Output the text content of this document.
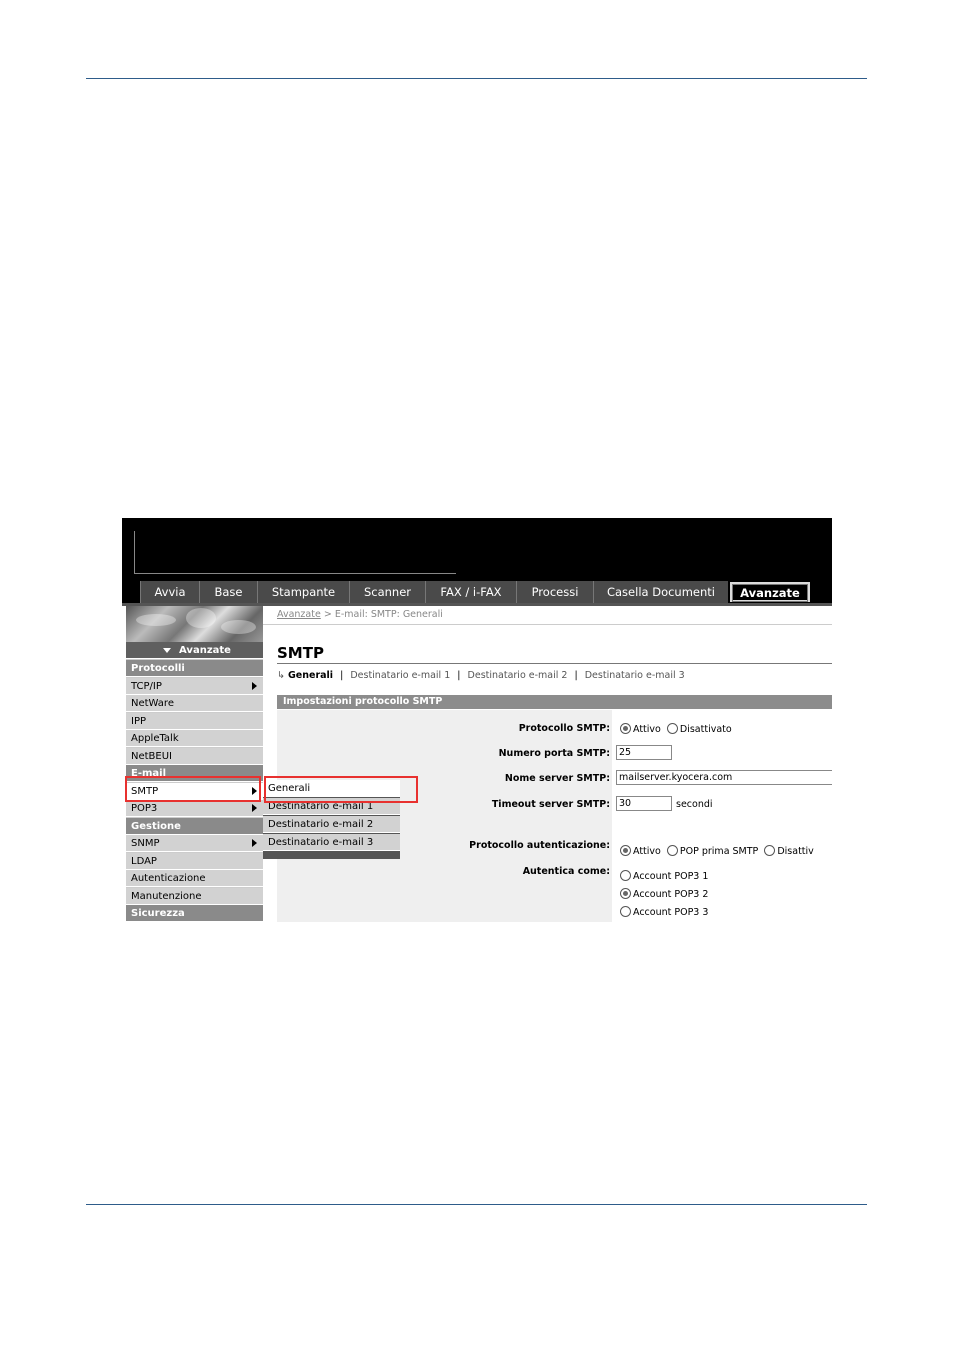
Avvia	Base	Stampante	Scanner	FAX / i-FAX	Processi	Casella Documenti	Avanzate
Avanzate
Protocolli
TCP/IP
NetWare
IPP
AppleTalk
NetBEUI
E-mail
SMTP
POP3
Gestione
SNMP
LDAP
Autenticazione
Manutenzione
Sicurezza
Avanzate > E-mail: SMTP: Generali
SMTP
↳ Generali | Destinatario e-mail 1 | Destinatario e-mail 2 | Destinatario e-mail 3
Impostazioni protocollo SMTP
Protocollo SMTP:	Attivo Disattivato
Numero porta SMTP: 25
Nome server SMTP: mailserver.kyocera.com
Timeout server SMTP: 30	secondi
Protocollo autenticazione:
Attivo POP prima SMTP Disattiv
Autentica come:	Account POP3 1
Account POP3 2
Account POP3 3
Generali
Destinatario e-mail 1
Destinatario e-mail 2
Destinatario e-mail 3
